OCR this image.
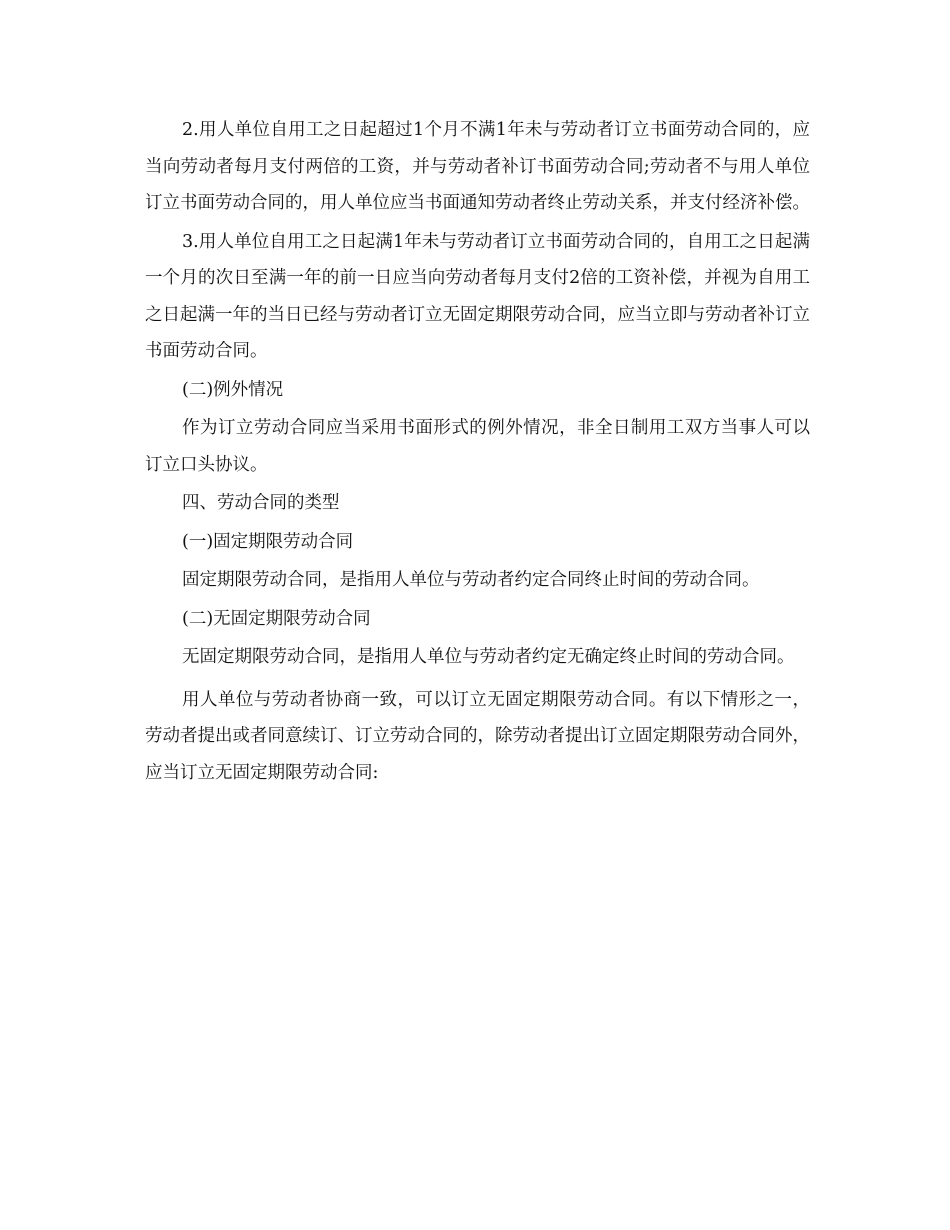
2.用人单位自用工之日起超过1个月不满1年未与劳动者订立书面劳动合同的，应当向劳动者每月支付两倍的工资，并与劳动者补订书面劳动合同;劳动者不与用人单位订立书面劳动合同的，用人单位应当书面通知劳动者终止劳动关系，并支付经济补偿。

3.用人单位自用工之日起满1年未与劳动者订立书面劳动合同的，自用工之日起满一个月的次日至满一年的前一日应当向劳动者每月支付2倍的工资补偿，并视为自用工之日起满一年的当日已经与劳动者订立无固定期限劳动合同，应当立即与劳动者补订立书面劳动合同。

(二)例外情况

作为订立劳动合同应当采用书面形式的例外情况，非全日制用工双方当事人可以订立口头协议。

四、劳动合同的类型

(一)固定期限劳动合同

固定期限劳动合同，是指用人单位与劳动者约定合同终止时间的劳动合同。

(二)无固定期限劳动合同

无固定期限劳动合同，是指用人单位与劳动者约定无确定终止时间的劳动合同。

用人单位与劳动者协商一致，可以订立无固定期限劳动合同。有以下情形之一，劳动者提出或者同意续订、订立劳动合同的，除劳动者提出订立固定期限劳动合同外，应当订立无固定期限劳动合同:
